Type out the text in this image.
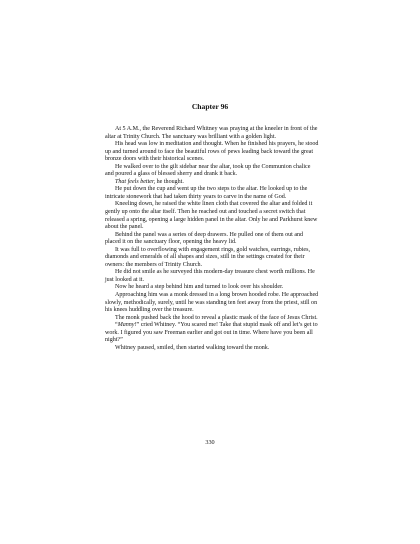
Chapter 96

At 5 A.M., the Reverend Richard Whitney was praying at the kneeler in front of the altar at Trinity Church. The sanctuary was brilliant with a golden light.

His head was low in meditation and thought. When he finished his prayers, he stood up and turned around to face the beautiful rows of pews leading back toward the great bronze doors with their historical scenes.

He walked over to the gilt sidebar near the altar, took up the Communion chalice and poured a glass of blessed sherry and drank it back.

That feels better, he thought.

He put down the cup and went up the two steps to the altar. He looked up to the intricate stonework that had taken thirty years to carve in the name of God.

Kneeling down, he raised the white linen cloth that covered the altar and folded it gently up onto the altar itself. Then he reached out and touched a secret switch that released a spring, opening a large hidden panel in the altar. Only he and Parkhurst knew about the panel.

Behind the panel was a series of deep drawers. He pulled one of them out and placed it on the sanctuary floor, opening the heavy lid.

It was full to overflowing with engagement rings, gold watches, earrings, rubies, diamonds and emeralds of all shapes and sizes, still in the settings created for their owners: the members of Trinity Church.

He did not smile as he surveyed this modern-day treasure chest worth millions. He just looked at it.

Now he heard a step behind him and turned to look over his shoulder.

Approaching him was a monk dressed in a long brown hooded robe. He approached slowly, methodically, surely, until he was standing ten feet away from the priest, still on his knees huddling over the treasure.

The monk pushed back the hood to reveal a plastic mask of the face of Jesus Christ.

“Manny!” cried Whitney. “You scared me! Take that stupid mask off and let’s get to work. I figured you saw Freeman earlier and got out in time. Where have you been all night?”

Whitney paused, smiled, then started walking toward the monk.

330
